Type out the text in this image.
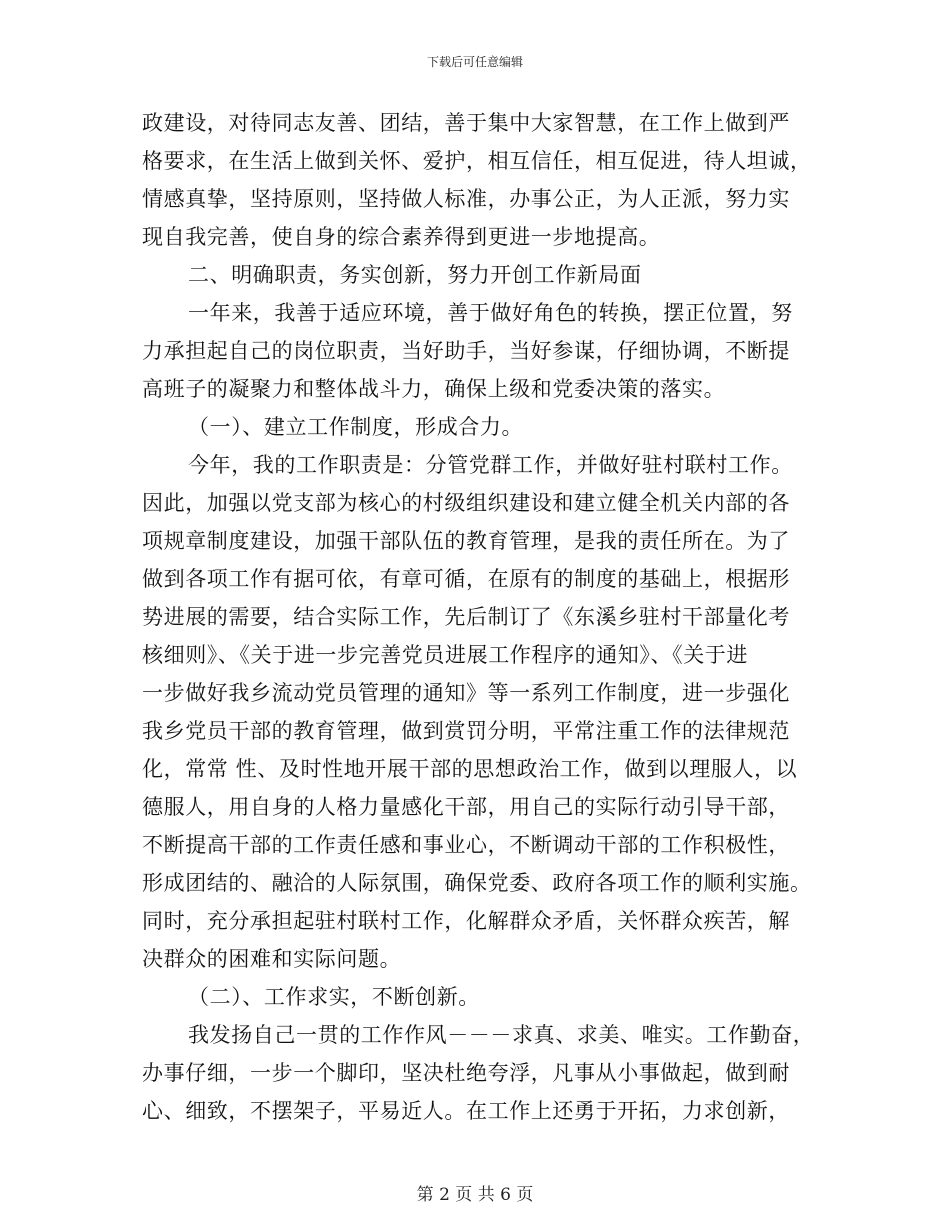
下载后可任意编辑
政建设，对待同志友善、团结，善于集中大家智慧，在工作上做到严
格要求，在生活上做到关怀、爱护，相互信任，相互促进，待人坦诚，
情感真挚，坚持原则，坚持做人标准，办事公正，为人正派，努力实
现自我完善，使自身的综合素养得到更进一步地提高。
二、明确职责，务实创新，努力开创工作新局面
一年来，我善于适应环境，善于做好角色的转换，摆正位置，努
力承担起自己的岗位职责，当好助手，当好参谋，仔细协调，不断提
高班子的凝聚力和整体战斗力，确保上级和党委决策的落实。
（一）、建立工作制度，形成合力。
今年，我的工作职责是：分管党群工作，并做好驻村联村工作。
因此，加强以党支部为核心的村级组织建设和建立健全机关内部的各
项规章制度建设，加强干部队伍的教育管理，是我的责任所在。为了
做到各项工作有据可依，有章可循，在原有的制度的基础上，根据形
势进展的需要，结合实际工作，先后制订了《东溪乡驻村干部量化考
核细则》、《关于进一步完善党员进展工作程序的通知》、《关于进
一步做好我乡流动党员管理的通知》等一系列工作制度，进一步强化
我乡党员干部的教育管理，做到赏罚分明，平常注重工作的法律规范
化，常常 性、及时性地开展干部的思想政治工作，做到以理服人，以
德服人，用自身的人格力量感化干部，用自己的实际行动引导干部，
不断提高干部的工作责任感和事业心，不断调动干部的工作积极性，
形成团结的、融洽的人际氛围，确保党委、政府各项工作的顺利实施。
同时，充分承担起驻村联村工作，化解群众矛盾，关怀群众疾苦，解
决群众的困难和实际问题。
（二）、工作求实，不断创新。
我发扬自己一贯的工作作风－－－求真、求美、唯实。工作勤奋，
办事仔细，一步一个脚印，坚决杜绝夸浮，凡事从小事做起，做到耐
心、细致，不摆架子，平易近人。在工作上还勇于开拓，力求创新，
第 2 页 共 6 页
